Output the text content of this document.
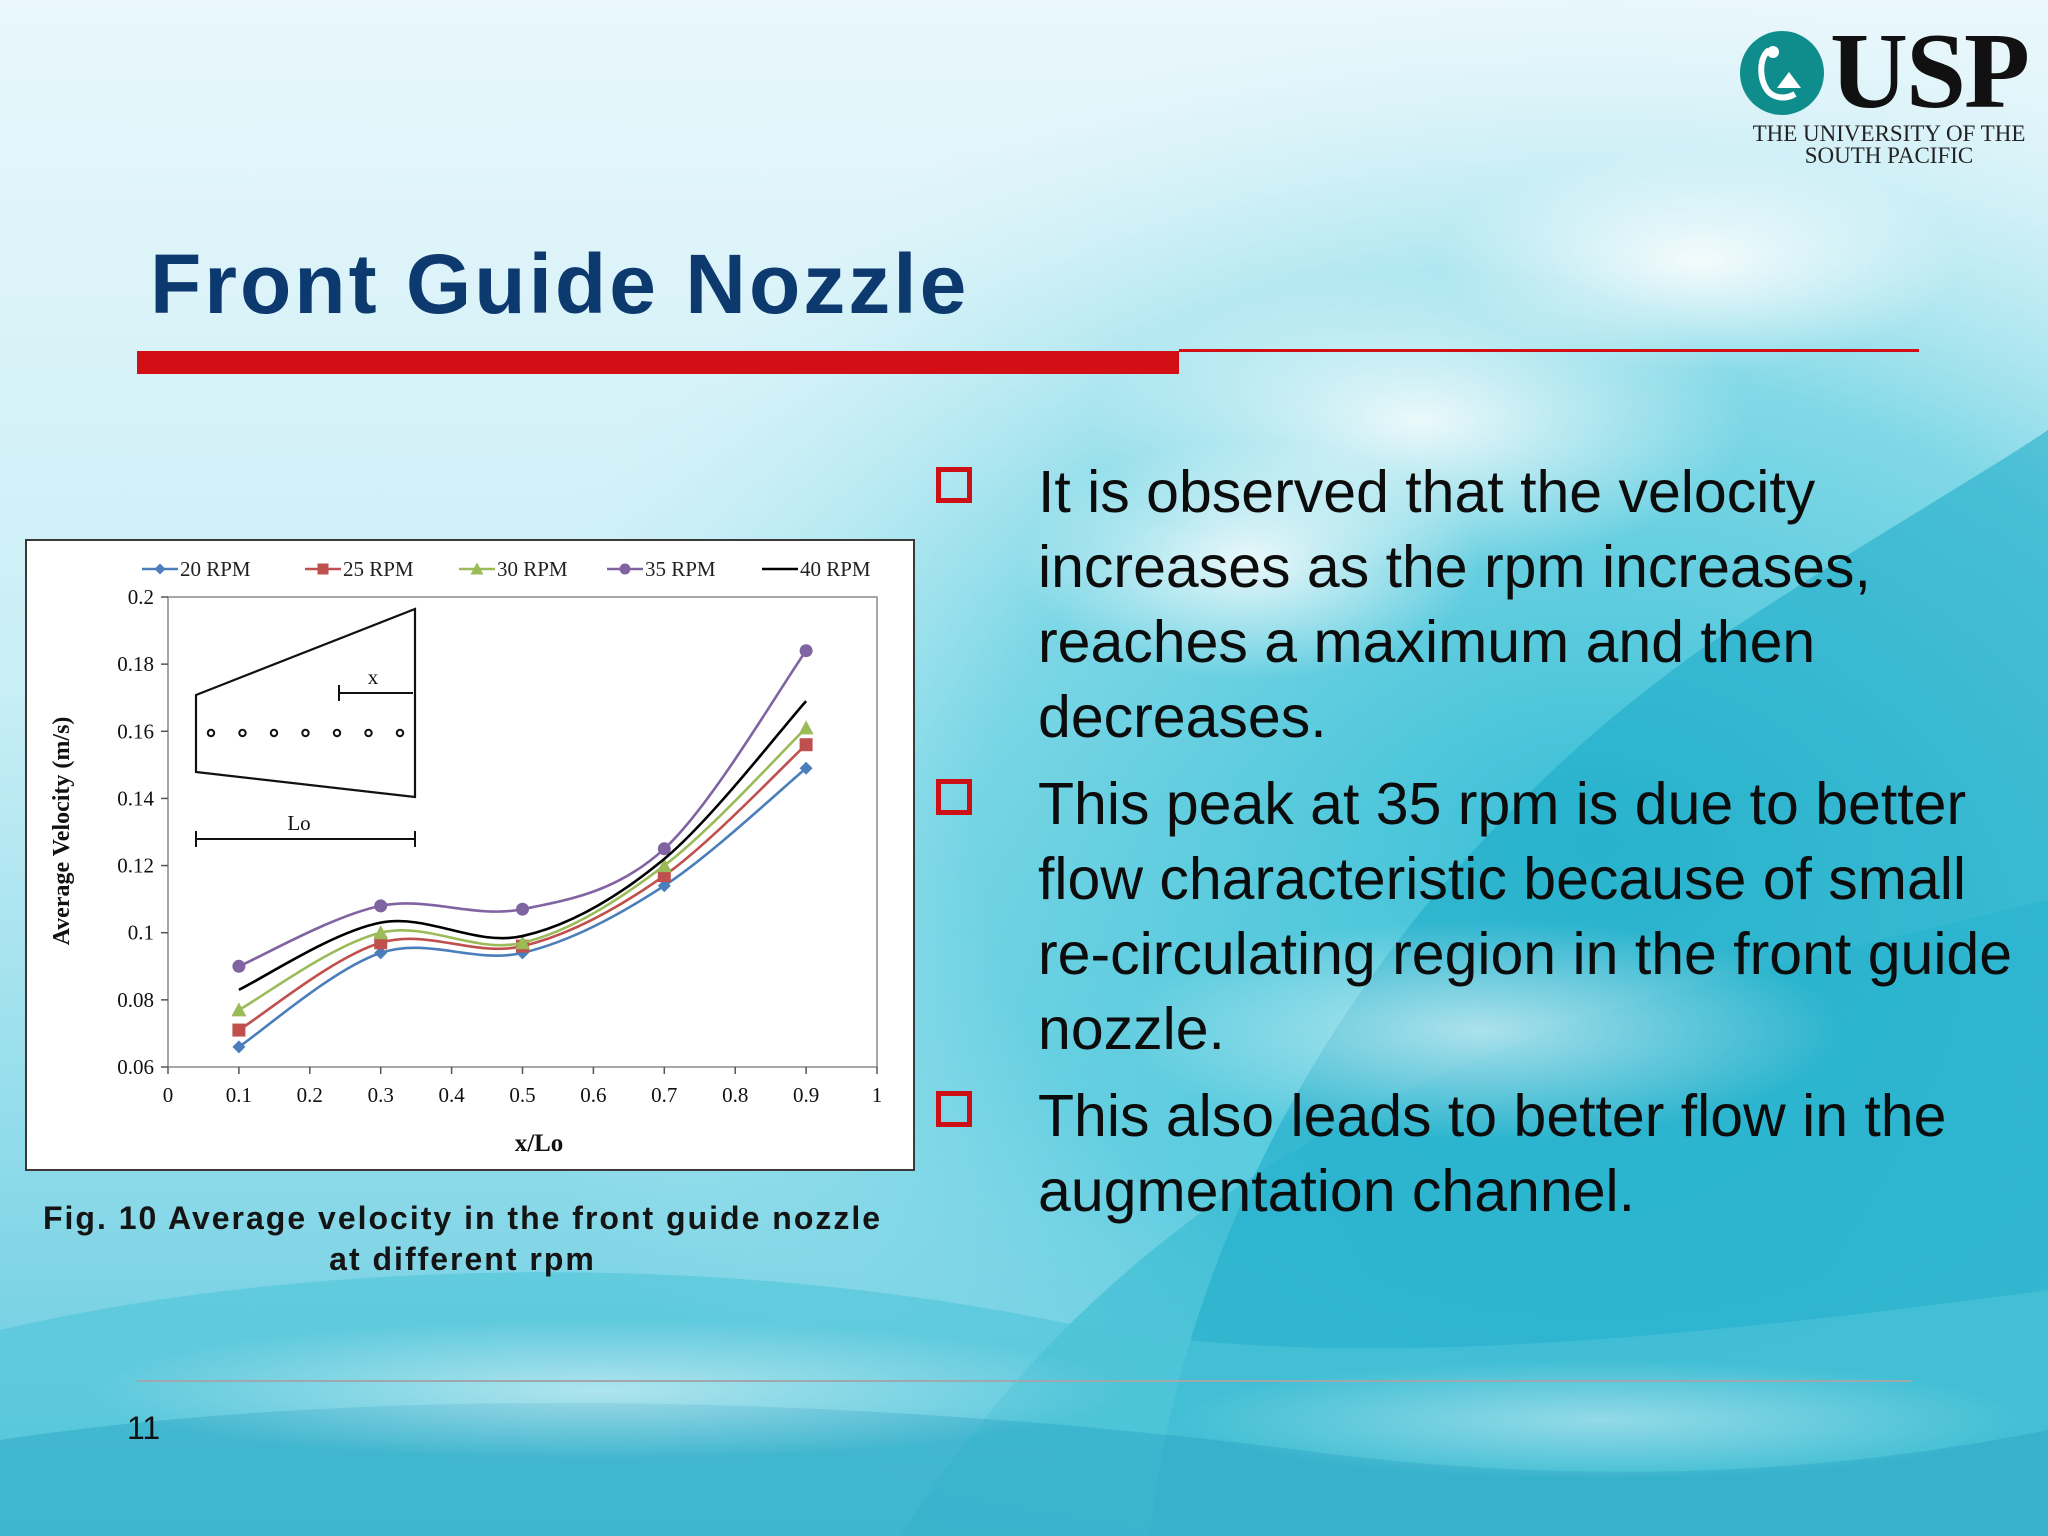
USP
THE UNIVERSITY OF THE
SOUTH PACIFIC
Front Guide Nozzle
x
Lo
20 RPM	25 RPM	30 RPM	35 RPM	40 RPM
0	0.1 0.2 0.3 0.4 0.5 0.6 0.7 0.8 0.9	1
0.06
0.08
0.1
0.12
0.14
0.16
0.18
0.2
x/Lo
Average Velocity (m/s)
Fig. 10 Average velocity in the front guide nozzle
at different rpm
It is observed that the velocity increases as the rpm increases, reaches a maximum and then decreases.
This peak at 35 rpm is due to better flow characteristic because of small re-circulating region in the front guide nozzle.
This also leads to better flow in the augmentation channel.
11
